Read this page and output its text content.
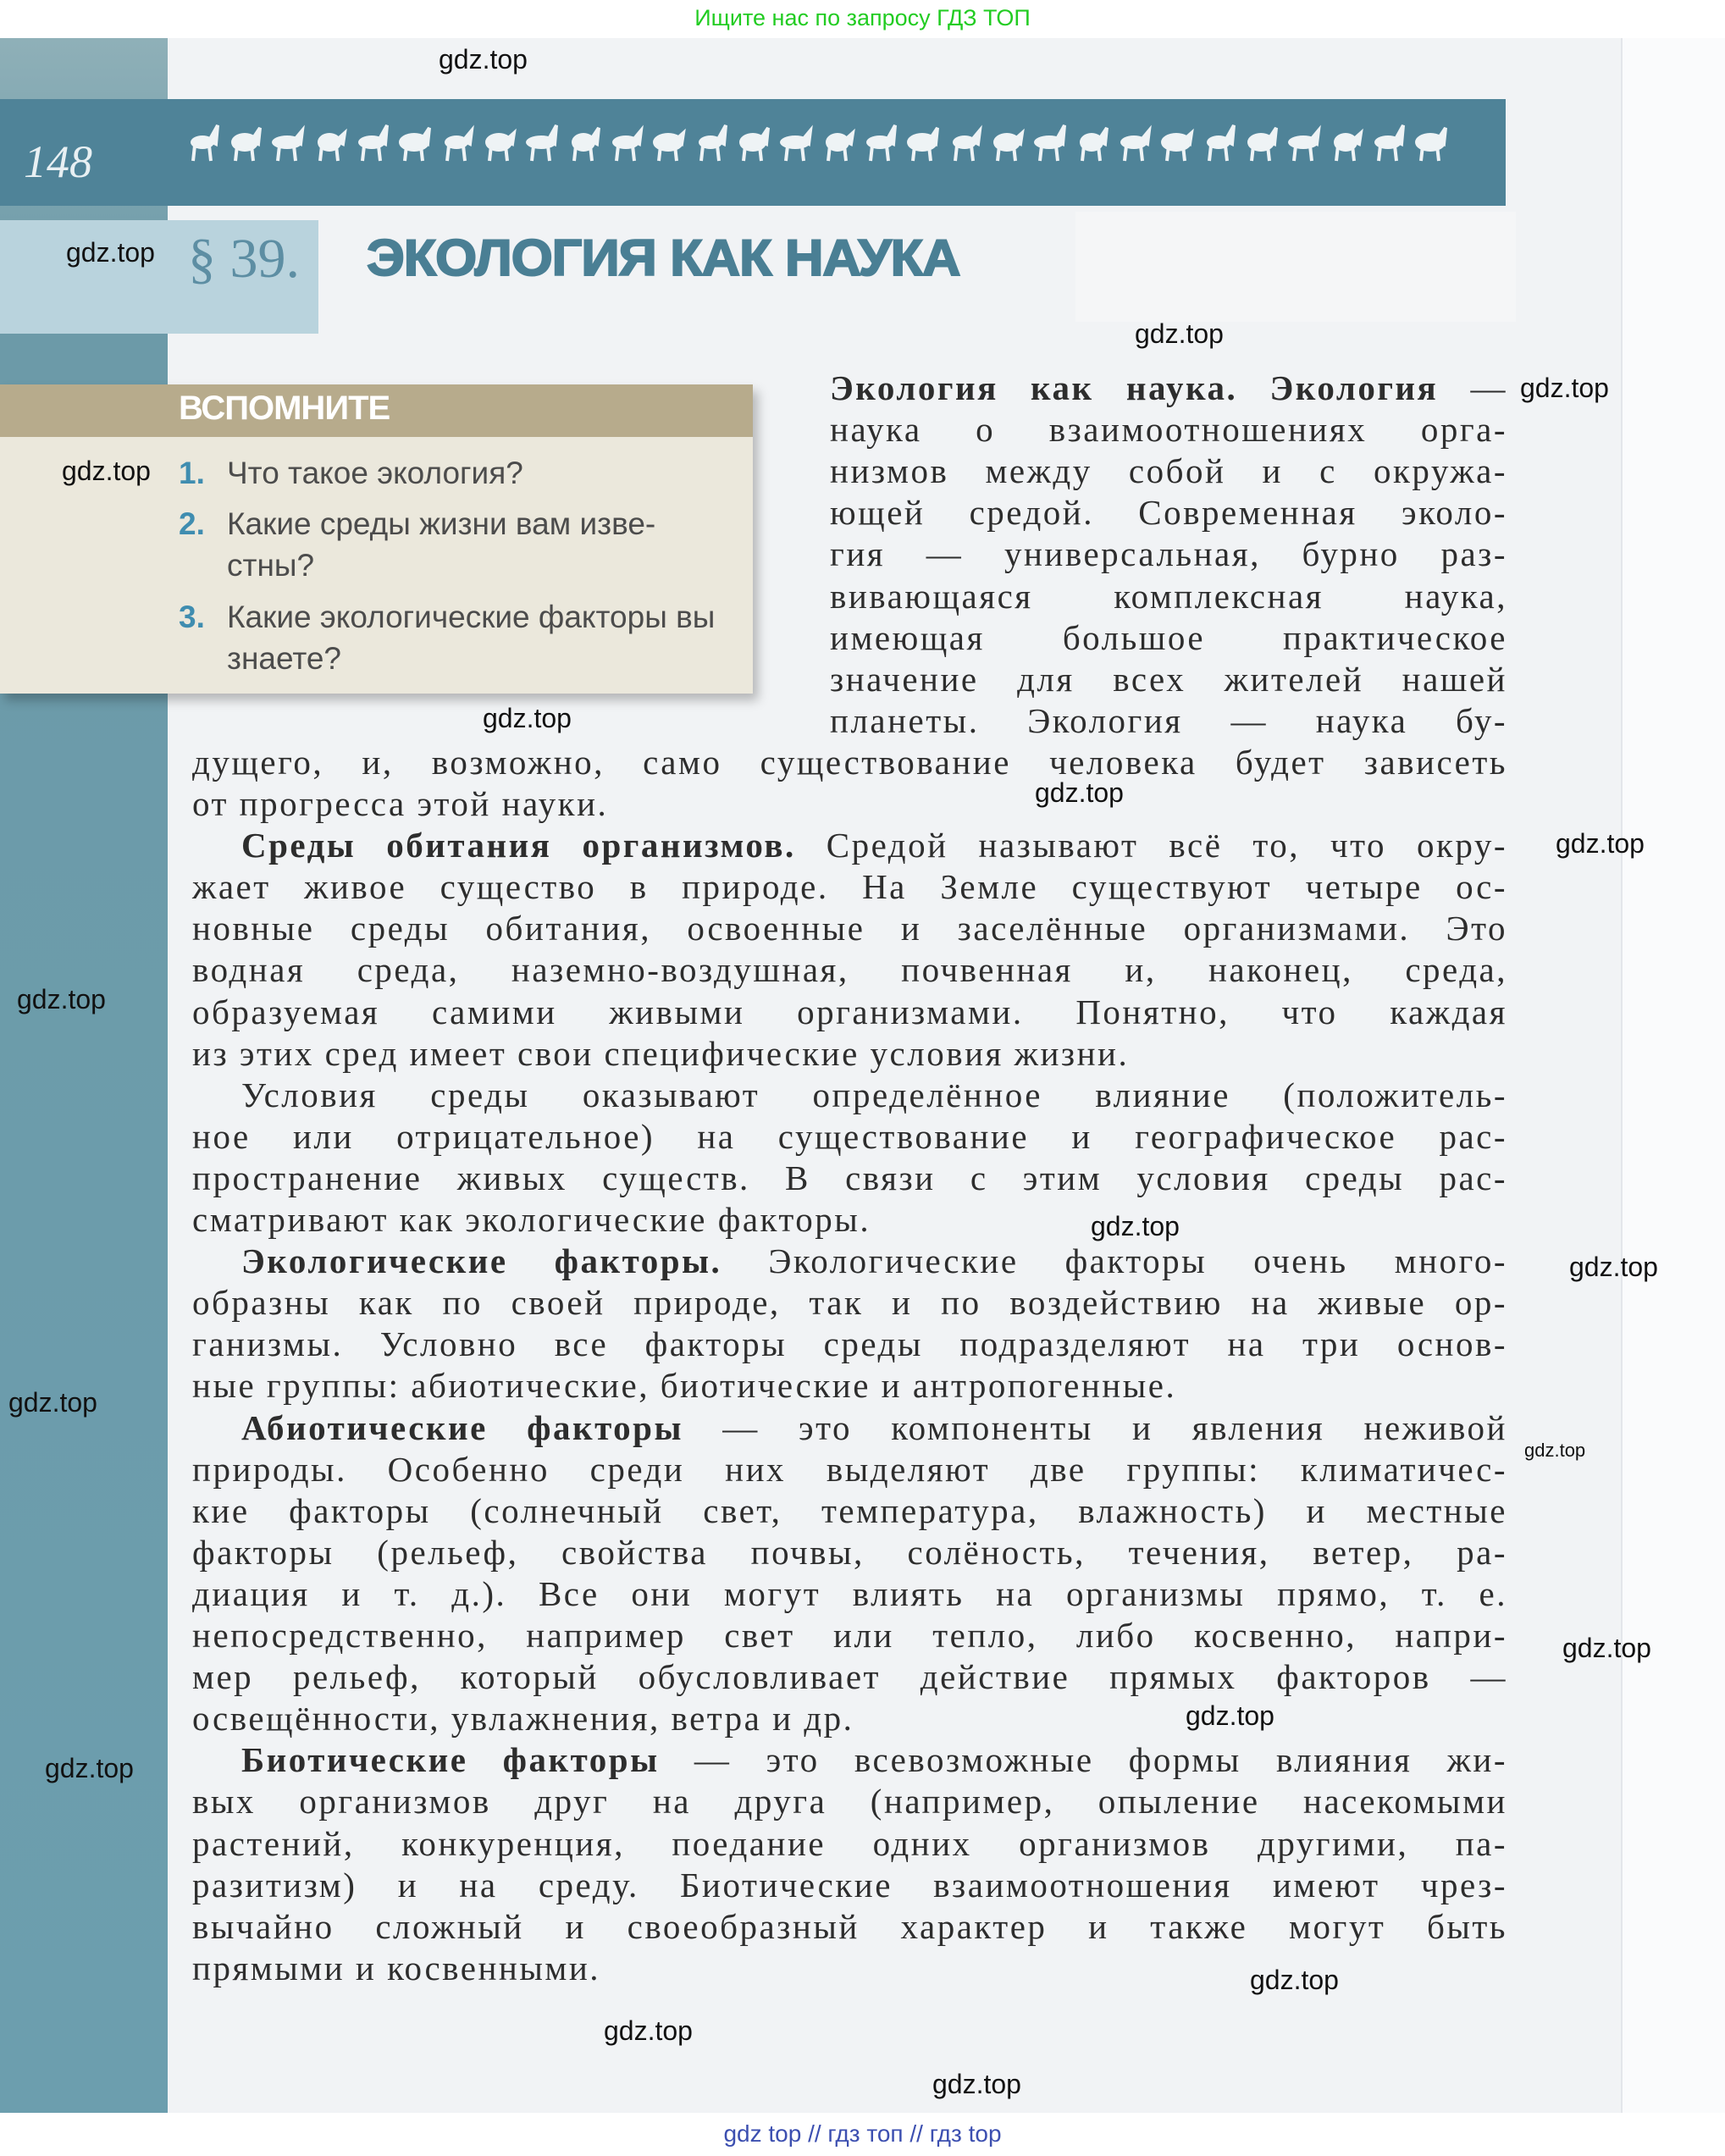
Ищите нас по запросу ГДЗ ТОП
148
§ 39. ЭКОЛОГИЯ КАК НАУКА
ВСПОМНИТЕ
1. Что такое экология?
2. Какие среды жизни вам изве-стны?
3. Какие экологические факторы вы знаете?
Экология как наука. Экология —
наука о взаимоотношениях орга-
низмов между собой и с окружа-
ющей средой. Современная эколо-
гия — универсальная, бурно раз-
вивающаяся комплексная наука,
имеющая большое практическое
значение для всех жителей нашей
планеты. Экология — наука бу-
дущего, и, возможно, само существование человека будет зависеть
от прогресса этой науки.
Среды обитания организмов. Средой называют всё то, что окру-
жает живое существо в природе. На Земле существуют четыре ос-
новные среды обитания, освоенные и заселённые организмами. Это
водная среда, наземно-воздушная, почвенная и, наконец, среда,
образуемая самими живыми организмами. Понятно, что каждая
из этих сред имеет свои специфические условия жизни.
Условия среды оказывают определённое влияние (положитель-
ное или отрицательное) на существование и географическое рас-
пространение живых существ. В связи с этим условия среды рас-
сматривают как экологические факторы.
Экологические факторы. Экологические факторы очень много-
образны как по своей природе, так и по воздействию на живые ор-
ганизмы. Условно все факторы среды подразделяют на три основ-
ные группы: абиотические, биотические и антропогенные.
Абиотические факторы — это компоненты и явления неживой
природы. Особенно среди них выделяют две группы: климатичес-
кие факторы (солнечный свет, температура, влажность) и местные
факторы (рельеф, свойства почвы, солёность, течения, ветер, ра-
диация и т. д.). Все они могут влиять на организмы прямо, т. е.
непосредственно, например свет или тепло, либо косвенно, напри-
мер рельеф, который обусловливает действие прямых факторов —
освещённости, увлажнения, ветра и др.
Биотические факторы — это всевозможные формы влияния жи-
вых организмов друг на друга (например, опыление насекомыми
растений, конкуренция, поедание одних организмов другими, па-
разитизм) и на среду. Биотические взаимоотношения имеют чрез-
вычайно сложный и своеобразный характер и также могут быть
прямыми и косвенными.
gdz.top
gdz.top
gdz.top
gdz.top
gdz.top
gdz.top
gdz.top
gdz.top
gdz.top
gdz.top
gdz.top
gdz.top
gdz.top
gdz.top
gdz.top
gdz.top
gdz.top
gdz.top
gdz.top
gdz top // гдз топ // гдз top
